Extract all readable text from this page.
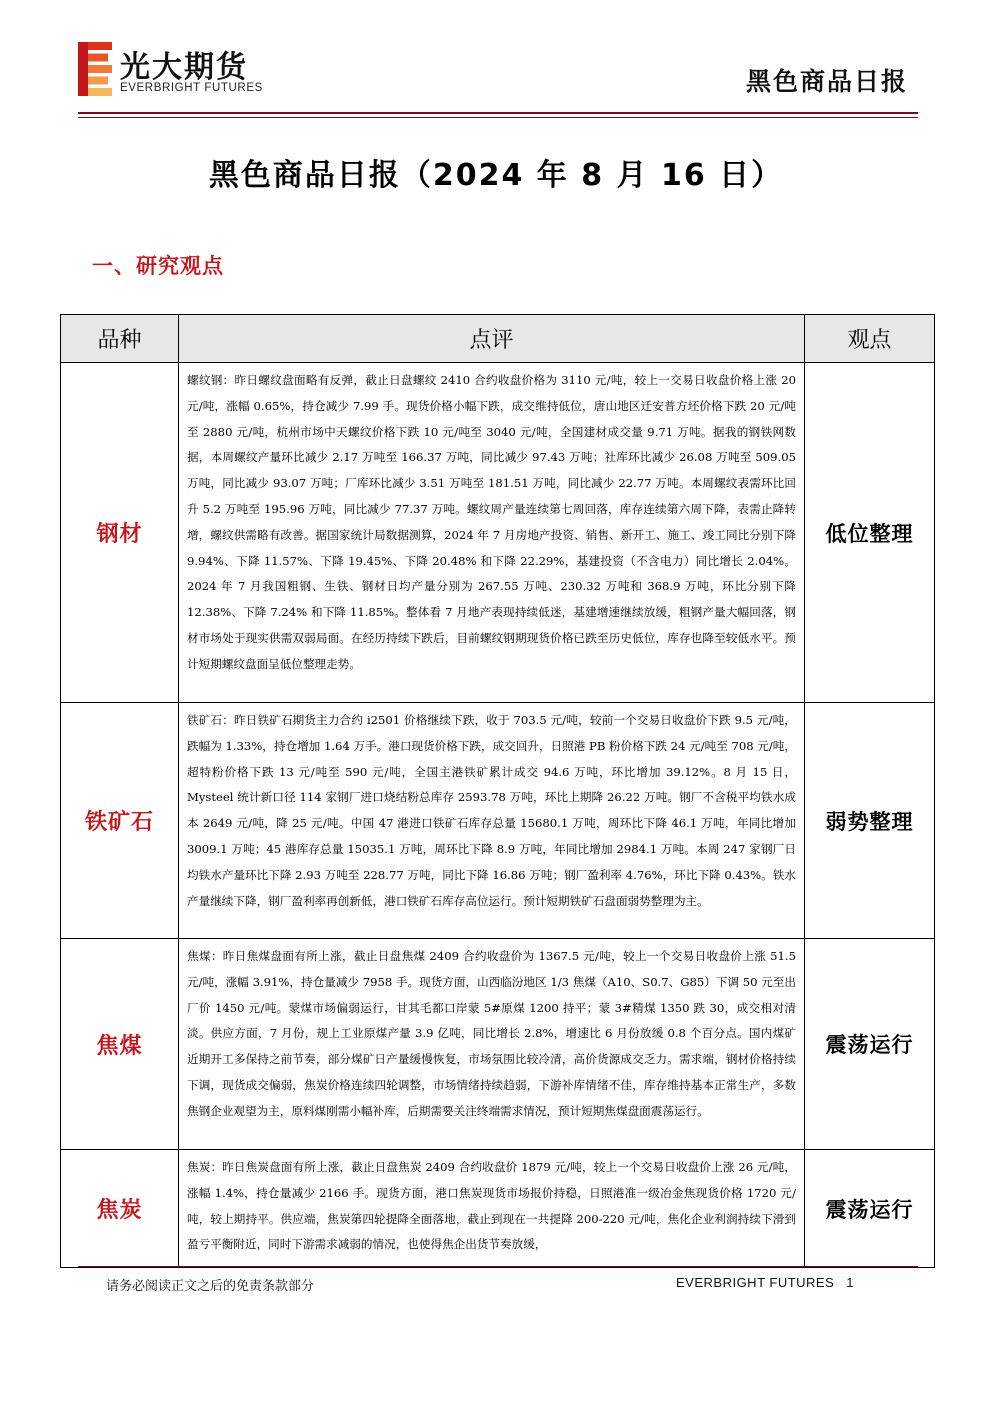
光大期货
EVERBRIGHT FUTURES	黑色商品日报
黑色商品日报（2024 年 8 月 16 日）
一、研究观点
品种	点评	观点
钢材	螺纹钢：昨日螺纹盘面略有反弹，截止日盘螺纹 2410 合约收盘价格为 3110 元/吨，较上一交易日收盘价格上涨 20 元/吨，涨幅 0.65%，持仓减少 7.99 手。现货价格小幅下跌，成交维持低位，唐山地区迁安普方坯价格下跌 20 元/吨至 2880 元/吨，杭州市场中天螺纹价格下跌 10 元/吨至 3040 元/吨，全国建材成交量 9.71 万吨。据我的钢铁网数据，本周螺纹产量环比减少 2.17 万吨至 166.37 万吨，同比减少 97.43 万吨；社库环比减少 26.08 万吨至 509.05 万吨，同比减少 93.07 万吨；厂库环比减少 3.51 万吨至 181.51 万吨，同比减少 22.77 万吨。本周螺纹表需环比回升 5.2 万吨至 195.96 万吨，同比减少 77.37 万吨。螺纹周产量连续第七周回落，库存连续第六周下降，表需止降转增，螺纹供需略有改善。据国家统计局数据测算，2024 年 7 月房地产投资、销售、新开工、施工、竣工同比分别下降 9.94%、下降 11.57%、下降 19.45%、下降 20.48% 和下降 22.29%，基建投资（不含电力）同比增长 2.04%。2024 年 7 月我国粗钢、生铁、钢材日均产量分别为 267.55 万吨、230.32 万吨和 368.9 万吨，环比分别下降 12.38%、下降 7.24% 和下降 11.85%。整体看 7 月地产表现持续低迷，基建增速继续放缓，粗钢产量大幅回落，钢材市场处于现实供需双弱局面。在经历持续下跌后，目前螺纹钢期现货价格已跌至历史低位，库存也降至较低水平。预计短期螺纹盘面呈低位整理走势。	低位整理
铁矿石	铁矿石：昨日铁矿石期货主力合约 i2501 价格继续下跌，收于 703.5 元/吨，较前一个交易日收盘价下跌 9.5 元/吨，跌幅为 1.33%，持仓增加 1.64 万手。港口现货价格下跌，成交回升，日照港 PB 粉价格下跌 24 元/吨至 708 元/吨，超特粉价格下跌 13 元/吨至 590 元/吨，全国主港铁矿累计成交 94.6 万吨，环比增加 39.12%。8 月 15 日，Mysteel 统计新口径 114 家钢厂进口烧结粉总库存 2593.78 万吨，环比上期降 26.22 万吨。钢厂不含税平均铁水成本 2649 元/吨，降 25 元/吨。中国 47 港进口铁矿石库存总量 15680.1 万吨，周环比下降 46.1 万吨，年同比增加 3009.1 万吨；45 港库存总量 15035.1 万吨，周环比下降 8.9 万吨，年同比增加 2984.1 万吨。本周 247 家钢厂日均铁水产量环比下降 2.93 万吨至 228.77 万吨，同比下降 16.86 万吨；钢厂盈利率 4.76%，环比下降 0.43%。铁水产量继续下降，钢厂盈利率再创新低，港口铁矿石库存高位运行。预计短期铁矿石盘面弱势整理为主。	弱势整理
焦煤	焦煤：昨日焦煤盘面有所上涨，截止日盘焦煤 2409 合约收盘价为 1367.5 元/吨，较上一个交易日收盘价上涨 51.5 元/吨，涨幅 3.91%，持仓量减少 7958 手。现货方面，山西临汾地区 1/3 焦煤（A10、S0.7、G85）下调 50 元至出厂价 1450 元/吨。蒙煤市场偏弱运行，甘其毛都口岸蒙 5#原煤 1200 持平；蒙 3#精煤 1350 跌 30，成交相对清淡。供应方面，7 月份，规上工业原煤产量 3.9 亿吨，同比增长 2.8%，增速比 6 月份放缓 0.8 个百分点。国内煤矿近期开工多保持之前节奏，部分煤矿日产量缓慢恢复，市场氛围比较冷清，高价货源成交乏力。需求端，钢材价格持续下调，现货成交偏弱，焦炭价格连续四轮调整，市场情绪持续趋弱，下游补库情绪不佳，库存维持基本正常生产，多数焦钢企业观望为主，原料煤刚需小幅补库，后期需要关注终端需求情况，预计短期焦煤盘面震荡运行。	震荡运行
焦炭	焦炭：昨日焦炭盘面有所上涨，截止日盘焦炭 2409 合约收盘价 1879 元/吨，较上一个交易日收盘价上涨 26 元/吨，涨幅 1.4%，持仓量减少 2166 手。现货方面，港口焦炭现货市场报价持稳，日照港准一级冶金焦现货价格 1720 元/吨，较上期持平。供应端，焦炭第四轮提降全面落地，截止到现在一共提降 200-220 元/吨，焦化企业利润持续下滑到盈亏平衡附近，同时下游需求减弱的情况，也使得焦企出货节奏放缓，	震荡运行
请务必阅读正文之后的免责条款部分	EVERBRIGHT FUTURES 1
